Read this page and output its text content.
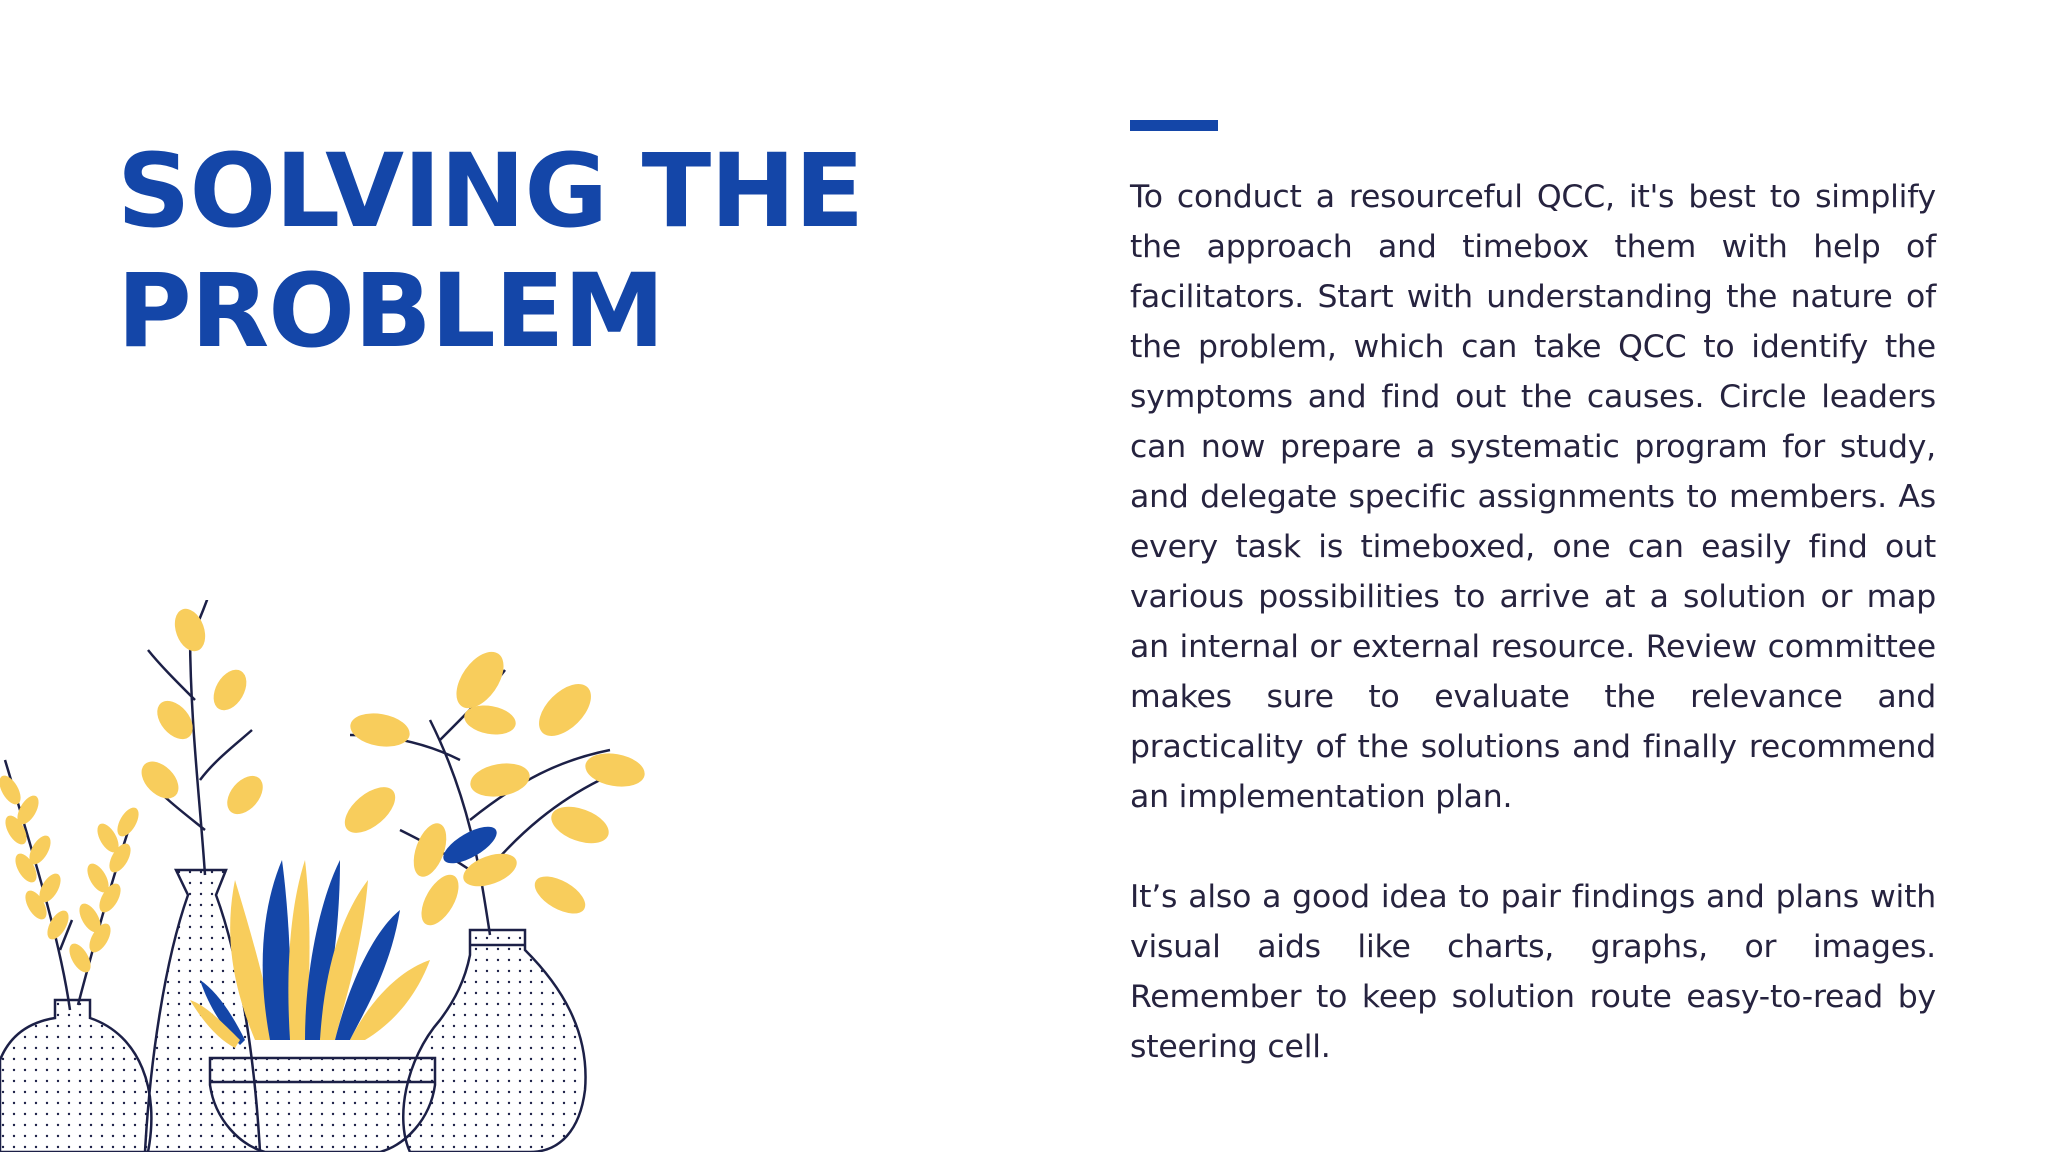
SOLVING THE
PROBLEM

To conduct a resourceful QCC, it's best to simplify the approach and timebox them with help of facilitators. Start with understanding the nature of the problem, which can take QCC to identify the symptoms and find out the causes. Circle leaders can now prepare a systematic program for study, and delegate specific assignments to members. As every task is timeboxed, one can easily find out various possibilities to arrive at a solution or map an internal or external resource. Review committee makes sure to evaluate the relevance and practicality of the solutions and finally recommend an implementation plan.

It’s also a good idea to pair findings and plans with visual aids like charts, graphs, or images. Remember to keep solution route easy-to-read by steering cell.
